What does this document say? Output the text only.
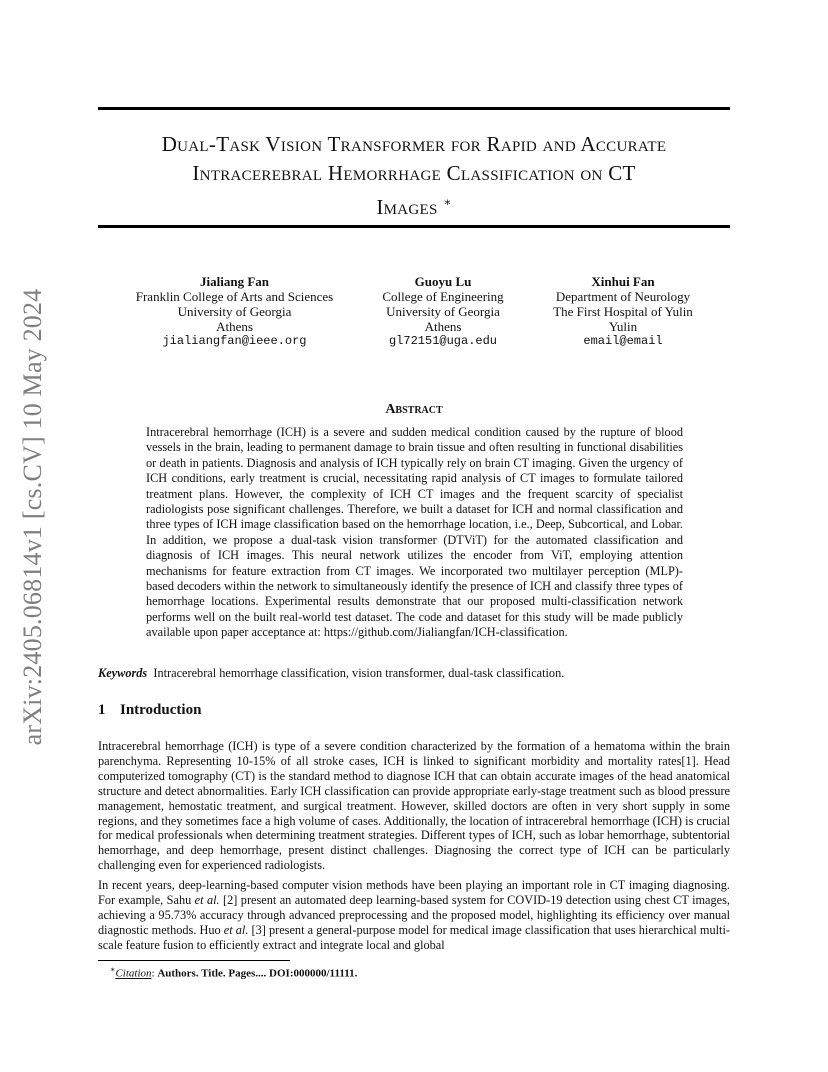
arXiv:2405.06814v1 [cs.CV] 10 May 2024
Dual-Task Vision Transformer for Rapid and Accurate
Intracerebral Hemorrhage Classification on CT
Images ∗
Jialiang Fan
Franklin College of Arts and Sciences
University of Georgia
Athens
jialiangfan@ieee.org
Guoyu Lu
College of Engineering
University of Georgia
Athens
gl72151@uga.edu
Xinhui Fan
Department of Neurology
The First Hospital of Yulin
Yulin
email@email
Abstract
Intracerebral hemorrhage (ICH) is a severe and sudden medical condition caused by the rupture of blood vessels in the brain, leading to permanent damage to brain tissue and often resulting in functional disabilities or death in patients. Diagnosis and analysis of ICH typically rely on brain CT imaging. Given the urgency of ICH conditions, early treatment is crucial, necessitating rapid analysis of CT images to formulate tailored treatment plans. However, the complexity of ICH CT images and the frequent scarcity of specialist radiologists pose significant challenges. Therefore, we built a dataset for ICH and normal classification and three types of ICH image classification based on the hemorrhage location, i.e., Deep, Subcortical, and Lobar. In addition, we propose a dual-task vision transformer (DTViT) for the automated classification and diagnosis of ICH images. This neural network utilizes the encoder from ViT, employing attention mechanisms for feature extraction from CT images. We incorporated two multilayer perception (MLP)-based decoders within the network to simultaneously identify the presence of ICH and classify three types of hemorrhage locations. Experimental results demonstrate that our proposed multi-classification network performs well on the built real-world test dataset. The code and dataset for this study will be made publicly available upon paper acceptance at: https://github.com/Jialiangfan/ICH-classification.
Keywords Intracerebral hemorrhage classification, vision transformer, dual-task classification.
1 Introduction
Intracerebral hemorrhage (ICH) is type of a severe condition characterized by the formation of a hematoma within the brain parenchyma. Representing 10-15% of all stroke cases, ICH is linked to significant morbidity and mortality rates[1]. Head computerized tomography (CT) is the standard method to diagnose ICH that can obtain accurate images of the head anatomical structure and detect abnormalities. Early ICH classification can provide appropriate early-stage treatment such as blood pressure management, hemostatic treatment, and surgical treatment. However, skilled doctors are often in very short supply in some regions, and they sometimes face a high volume of cases. Additionally, the location of intracerebral hemorrhage (ICH) is crucial for medical professionals when determining treatment strategies. Different types of ICH, such as lobar hemorrhage, subtentorial hemorrhage, and deep hemorrhage, present distinct challenges. Diagnosing the correct type of ICH can be particularly challenging even for experienced radiologists.
In recent years, deep-learning-based computer vision methods have been playing an important role in CT imaging diagnosing. For example, Sahu et al. [2] present an automated deep learning-based system for COVID-19 detection using chest CT images, achieving a 95.73% accuracy through advanced preprocessing and the proposed model, highlighting its efficiency over manual diagnostic methods. Huo et al. [3] present a general-purpose model for medical image classification that uses hierarchical multi-scale feature fusion to efficiently extract and integrate local and global
∗Citation: Authors. Title. Pages.... DOI:000000/11111.
